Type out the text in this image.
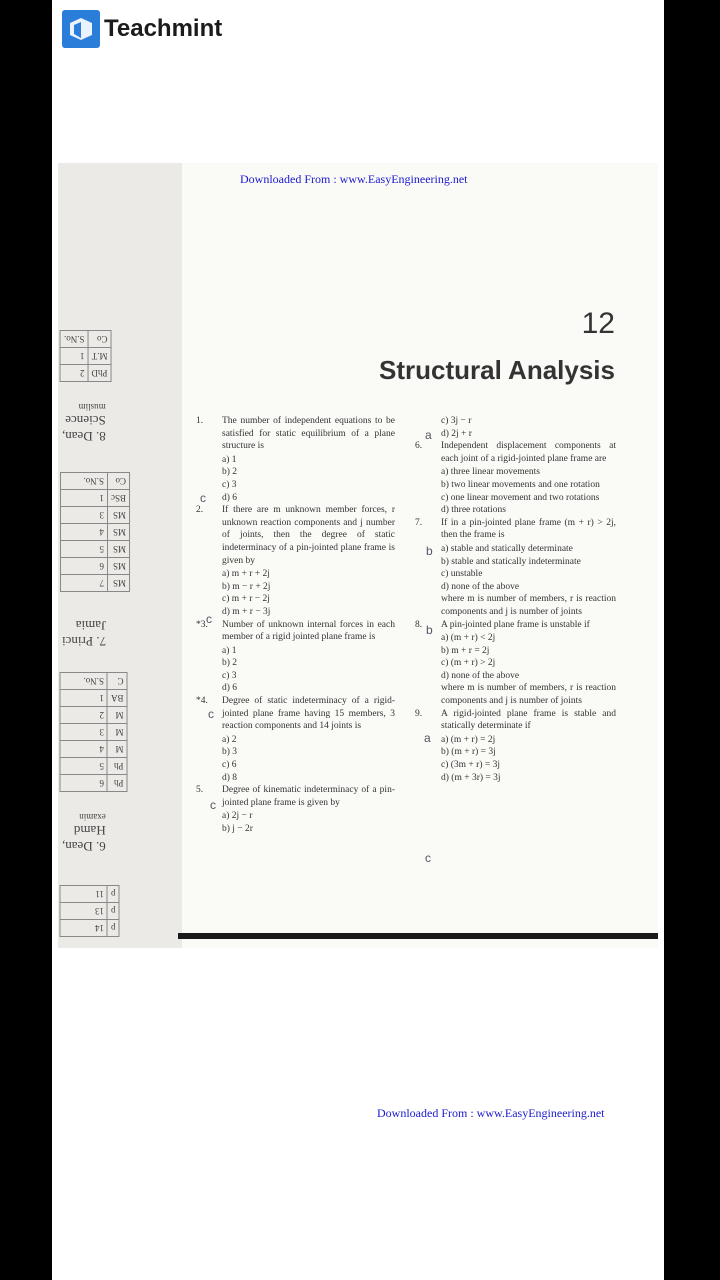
Teachmint
PhD	2
M.T	1
Co	S.No.
8. Dean,
Science
muslim
MS	7
MS	6
MS	5
MS	4
MS	3
BSc	1
Co	S.No.
7. Princi
Jamia
Ph	6
Ph	5
M	4
M	3
M	2
BA	1
C	S.No.
6. Dean,
Hamd
examin
p	14
p	13
p	11
Downloaded From : www.EasyEngineering.net
12
Structural Analysis
1.	The number of independent equations to be satisfied for static equilibrium of a plane structure is
a) 1
b) 2
c) 3
d) 6
2.	If there are m unknown member forces, r unknown reaction components and j number of joints, then the degree of static indeterminacy of a pin-jointed plane frame is given by
a) m + r + 2j
b) m − r + 2j
c) m + r − 2j
d) m + r − 3j
*3.	Number of unknown internal forces in each member of a rigid jointed plane frame is
a) 1
b) 2
c) 3
d) 6
*4.	Degree of static indeterminacy of a rigid-jointed plane frame having 15 members, 3 reaction components and 14 joints is
a) 2
b) 3
c) 6
d) 8
5.	Degree of kinematic indeterminacy of a pin-jointed plane frame is given by
a) 2j − r
b) j − 2r
c) 3j − r
d) 2j + r
6.	Independent displacement components at each joint of a rigid-jointed plane frame are
a) three linear movements
b) two linear movements and one rotation
c) one linear movement and two rotations
d) three rotations
7.	If in a pin-jointed plane frame (m + r) > 2j, then the frame is
a) stable and statically determinate
b) stable and statically indeterminate
c) unstable
d) none of the above
where m is number of members, r is reaction components and j is number of joints
8.	A pin-jointed plane frame is unstable if
a) (m + r) < 2j
b) m + r = 2j
c) (m + r) > 2j
d) none of the above
where m is number of members, r is reaction components and j is number of joints
9.	A rigid-jointed plane frame is stable and statically determinate if
a) (m + r) = 2j
b) (m + r) = 3j
c) (3m + r) = 3j
d) (m + 3r) = 3j
c
c
c
c
a
b
b
a
c
Downloaded From : www.EasyEngineering.net
